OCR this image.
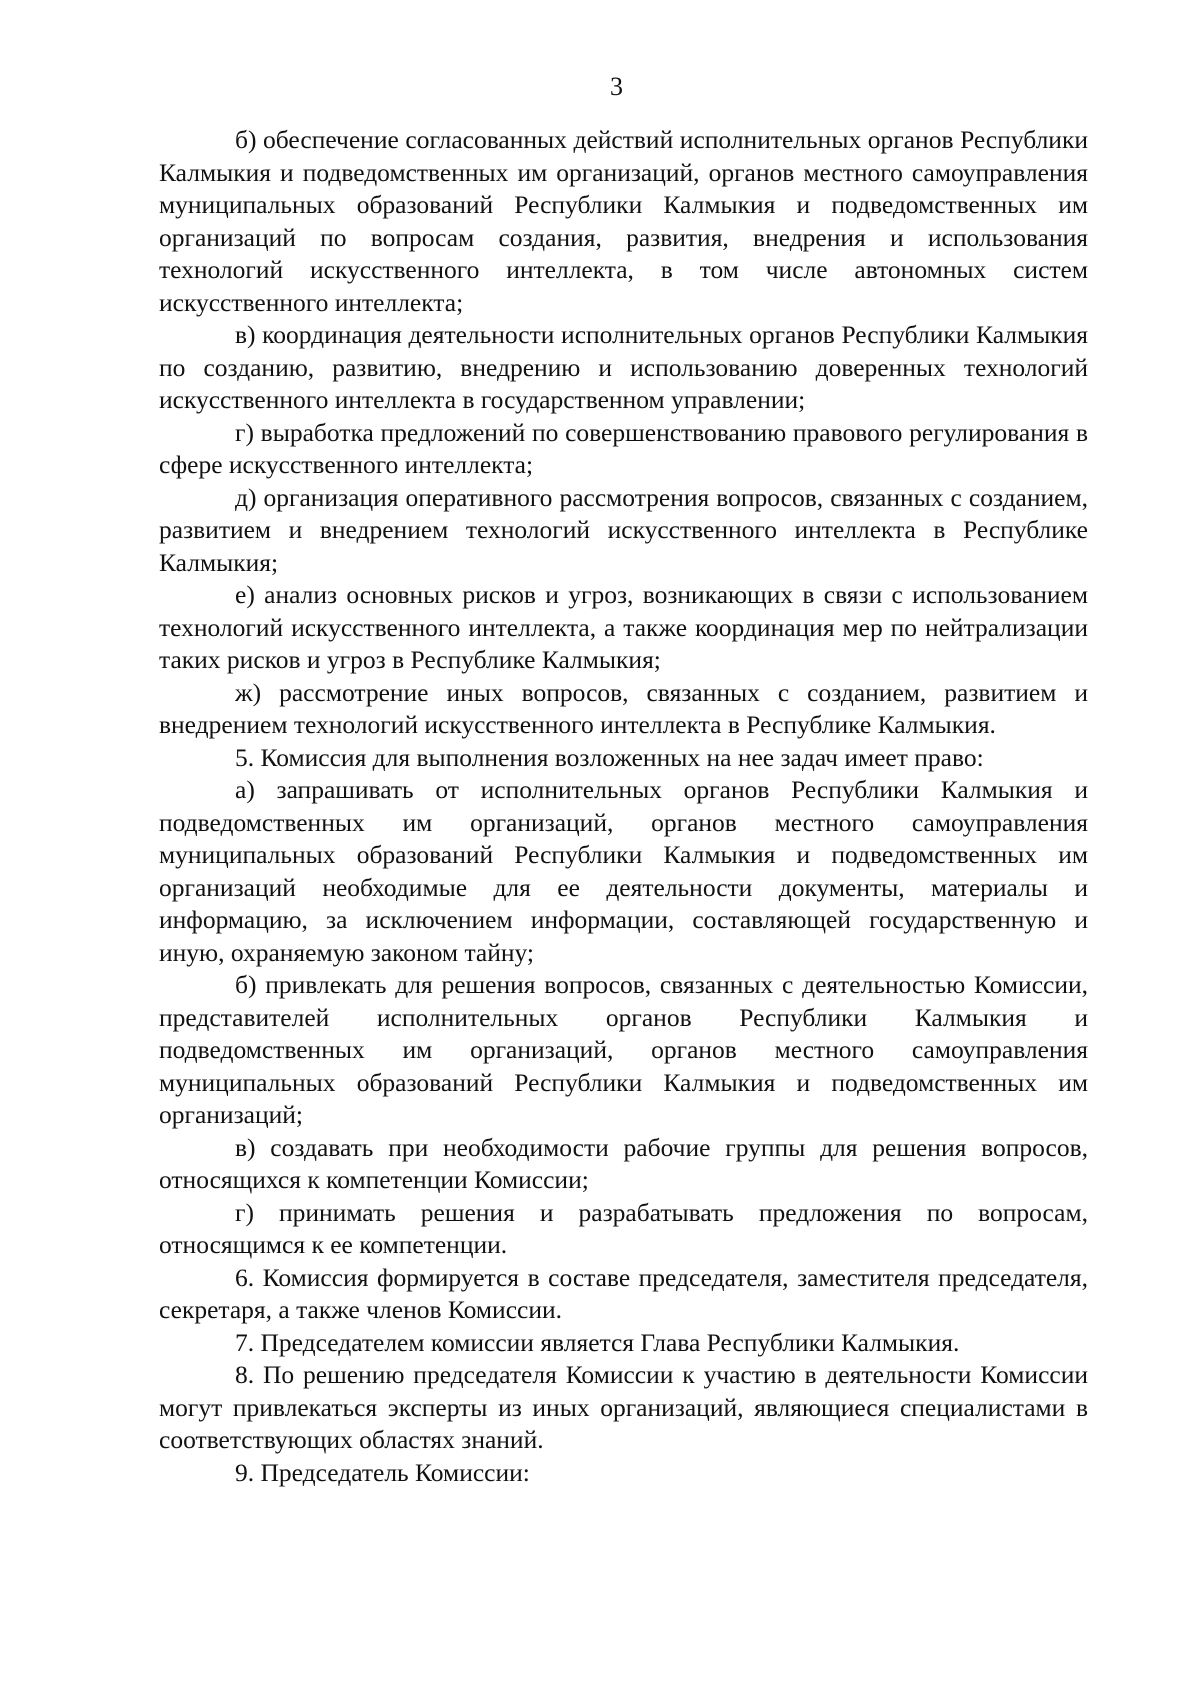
3

б) обеспечение согласованных действий исполнительных органов Республики Калмыкия и подведомственных им организаций, органов местного самоуправления муниципальных образований Республики Калмыкия и подведомственных им организаций по вопросам создания, развития, внедрения и использования технологий искусственного интеллекта, в том числе автономных систем искусственного интеллекта;

в) координация деятельности исполнительных органов Республики Калмыкия по созданию, развитию, внедрению и использованию доверенных технологий искусственного интеллекта в государственном управлении;

г) выработка предложений по совершенствованию правового регулирования в сфере искусственного интеллекта;

д) организация оперативного рассмотрения вопросов, связанных с созданием, развитием и внедрением технологий искусственного интеллекта в Республике Калмыкия;

е) анализ основных рисков и угроз, возникающих в связи с использованием технологий искусственного интеллекта, а также координация мер по нейтрализации таких рисков и угроз в Республике Калмыкия;

ж) рассмотрение иных вопросов, связанных с созданием, развитием и внедрением технологий искусственного интеллекта в Республике Калмыкия.

5. Комиссия для выполнения возложенных на нее задач имеет право:

а) запрашивать от исполнительных органов Республики Калмыкия и подведомственных им организаций, органов местного самоуправления муниципальных образований Республики Калмыкия и подведомственных им организаций необходимые для ее деятельности документы, материалы и информацию, за исключением информации, составляющей государственную и иную, охраняемую законом тайну;

б) привлекать для решения вопросов, связанных с деятельностью Комиссии, представителей исполнительных органов Республики Калмыкия и подведомственных им организаций, органов местного самоуправления муниципальных образований Республики Калмыкия и подведомственных им организаций;

в) создавать при необходимости рабочие группы для решения вопросов, относящихся к компетенции Комиссии;

г) принимать решения и разрабатывать предложения по вопросам, относящимся к ее компетенции.

6. Комиссия формируется в составе председателя, заместителя председателя, секретаря, а также членов Комиссии.

7. Председателем комиссии является Глава Республики Калмыкия.

8. По решению председателя Комиссии к участию в деятельности Комиссии могут привлекаться эксперты из иных организаций, являющиеся специалистами в соответствующих областях знаний.

9. Председатель Комиссии:
